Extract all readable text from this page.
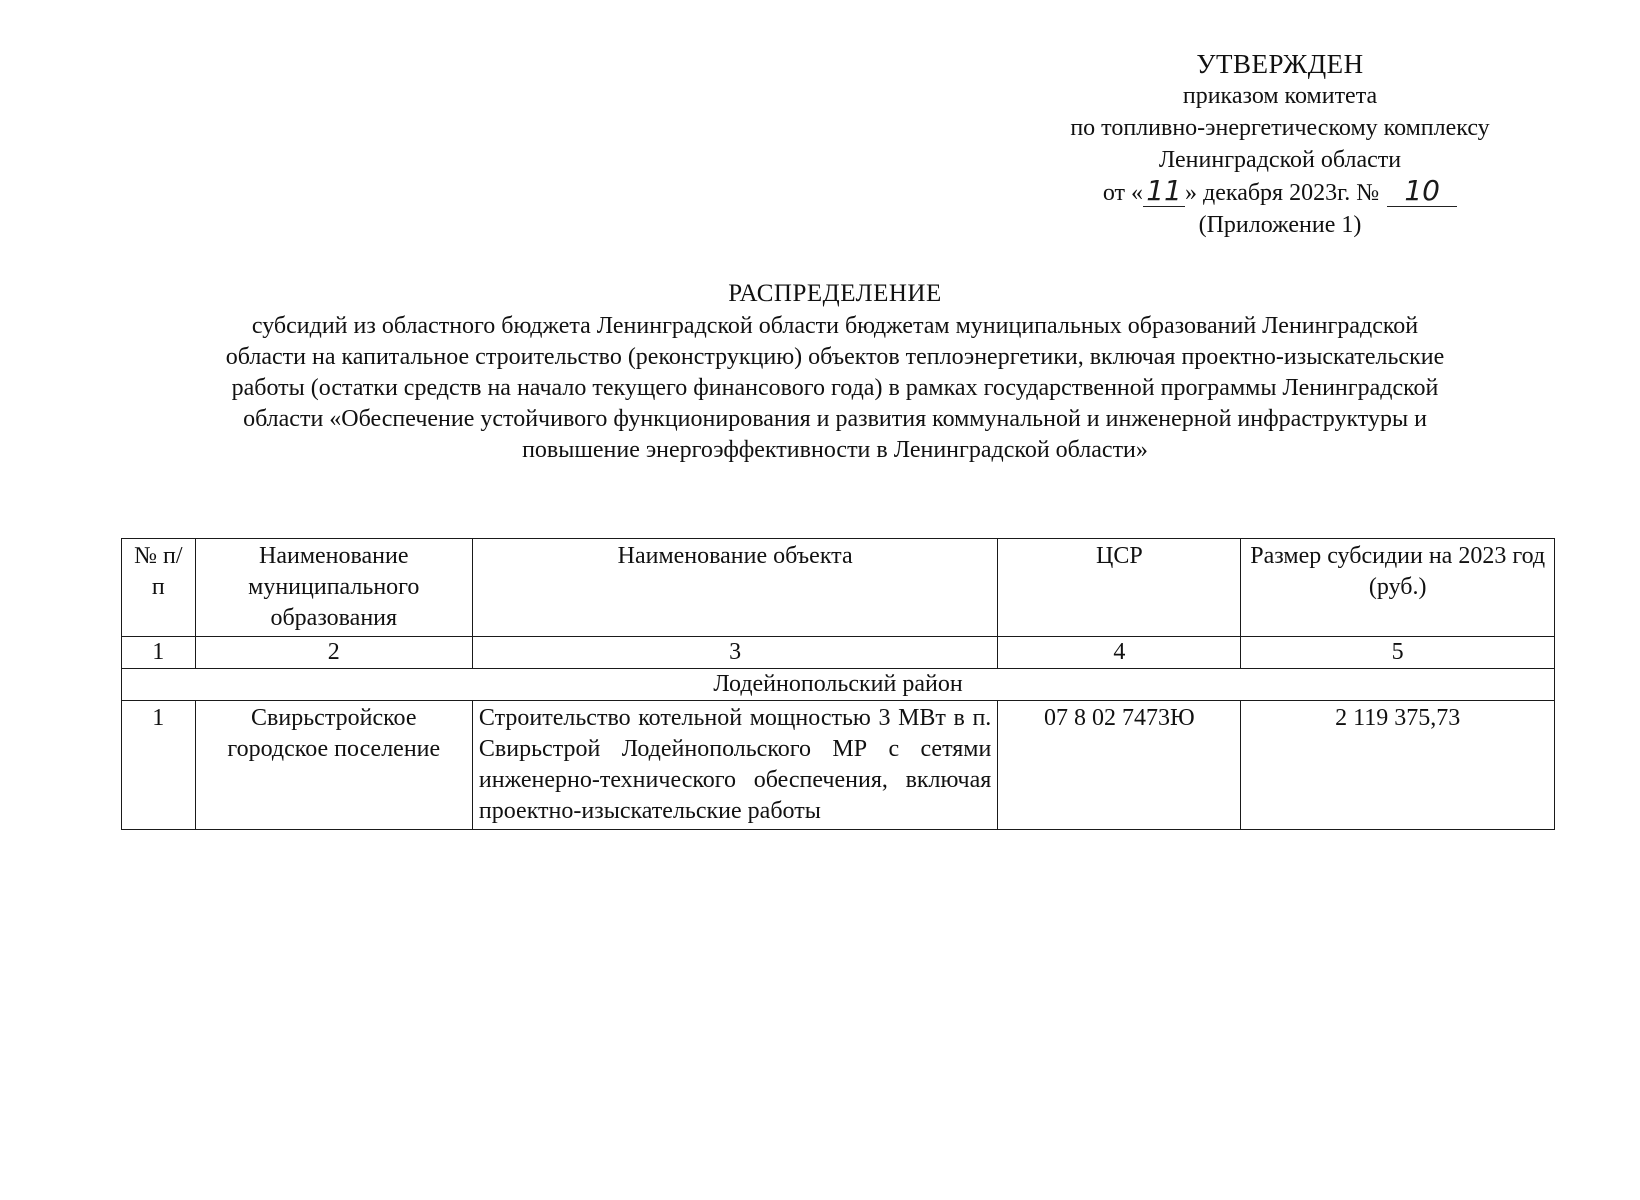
УТВЕРЖДЕН
приказом комитета
по топливно-энергетическому комплексу
Ленинградской области
от « 11 » декабря 2023г. № 10
(Приложение 1)
РАСПРЕДЕЛЕНИЕ
субсидий из областного бюджета Ленинградской области бюджетам муниципальных образований Ленинградской
области на капитальное строительство (реконструкцию) объектов теплоэнергетики, включая проектно-изыскательские
работы (остатки средств на начало текущего финансового года) в рамках государственной программы Ленинградской
области «Обеспечение устойчивого функционирования и развития коммунальной и инженерной инфраструктуры и
повышение энергоэффективности в Ленинградской области»
№ п/п	Наименование муниципального образования	Наименование объекта	ЦСР	Размер субсидии на 2023 год (руб.)
1	2	3	4	5
Лодейнопольский район				
1	Свирьстройское городское поселение	Строительство котельной мощностью 3 МВт в п. Свирьстрой Лодейнопольского МР с сетями инженерно-технического обеспечения, включая проектно-изыскательские работы	07 8 02 7473Ю	2 119 375,73
